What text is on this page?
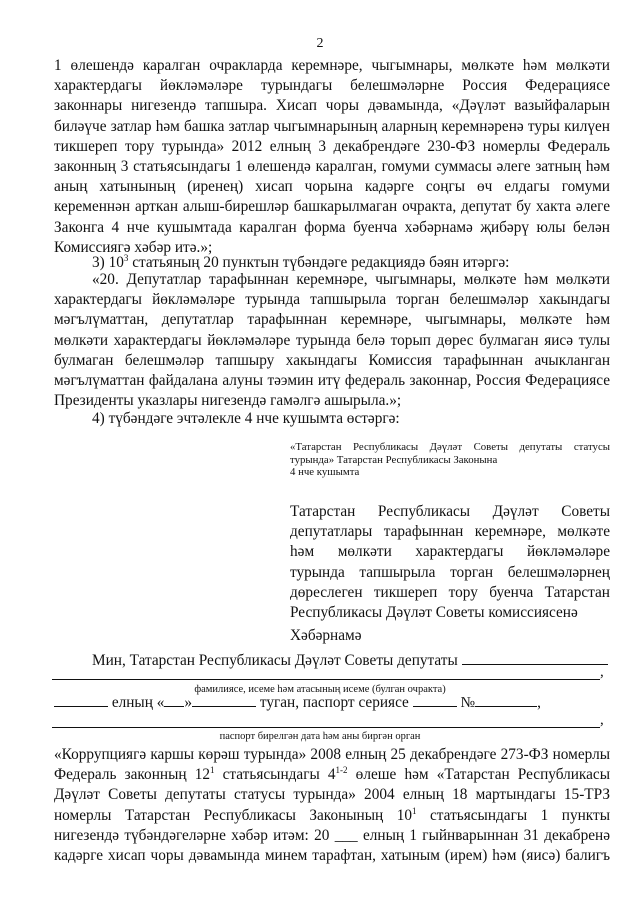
2
1 өлешендә каралган очракларда керемнәре, чыгымнары, мөлкәте һәм мөлкәти
характердагы йөкләмәләре турындагы белешмәләрне Россия Федерациясе
законнары нигезендә тапшыра. Хисап чоры дәвамында, «Дәүләт вазыйфаларын
биләүче затлар һәм башка затлар чыгымнарының аларның керемнәренә туры килүен
тикшереп тору турында» 2012 елның 3 декабрендәге 230-ФЗ номерлы Федераль
законның 3 статьясындагы 1 өлешендә каралган, гомуми суммасы әлеге затның һәм
аның хатынының (иренең) хисап чорына кадәрге соңгы өч елдагы гомуми
кеременнән арткан алыш-бирешләр башкарылмаган очракта, депутат бу хакта әлеге
Законга 4 нче кушымтада каралган форма буенча хәбәрнамә җибәрү юлы белән
Комиссиягә хәбәр итә.»;
3) $10^3$ статьяның 20 пунктын түбәндәге редакциядә бәян итәргә:
«20. Депутатлар тарафыннан керемнәре, чыгымнары, мөлкәте һәм мөлкәти
характердагы йөкләмәләре турында тапшырыла торган белешмәләр хакындагы
мәгълүматтан, депутатлар тарафыннан керемнәре, чыгымнары, мөлкәте һәм
мөлкәти характердагы йөкләмәләре турында белә торып дөрес булмаган яисә тулы
булмаган белешмәләр тапшыру хакындагы Комиссия тарафыннан ачыкланган
мәгълүматтан файдалана алуны тәэмин итү федераль законнар, Россия Федерациясе
Президенты указлары нигезендә гамәлгә ашырыла.»;
4) түбәндәге эчтәлекле 4 нче кушымта өстәргә:
«Татарстан Республикасы Дәүләт Советы депутаты статусы
турында» Татарстан Республикасы Законына
4 нче кушымта
Татарстан Республикасы Дәүләт Советы
депутатлары тарафыннан керемнәре, мөлкәте
һәм мөлкәти характердагы йөкләмәләре
турында тапшырыла торган белешмәләрнең
дөреслеген тикшереп тору буенча Татарстан
Республикасы Дәүләт Советы комиссиясенә
Хәбәрнамә
Мин, Татарстан Республикасы Дәүләт Советы депутаты
,
фамилиясе, исеме һәм атасының исеме (булган очракта)
елның « »	туган, паспорт сериясе	№	,
,
паспорт бирелгән дата һәм аны биргән орган
«Коррупциягә каршы көрәш турында» 2008 елның 25 декабрендәге 273-ФЗ номерлы
Федераль законның $12^1$ статьясындагы 4$^{1-2}$ өлеше һәм «Татарстан Республикасы
Дәүләт Советы депутаты статусы турында» 2004 елның 18 мартындагы 15-ТРЗ
номерлы Татарстан Республикасы Законының $10^1$ статьясындагы 1 пункты
нигезендә түбәндәгеләрне хәбәр итәм: 20 ___ елның 1 гыйнварыннан 31 декабренә
кадәрге хисап чоры дәвамында минем тарафтан, хатыным (ирем) һәм (яисә) балигъ
